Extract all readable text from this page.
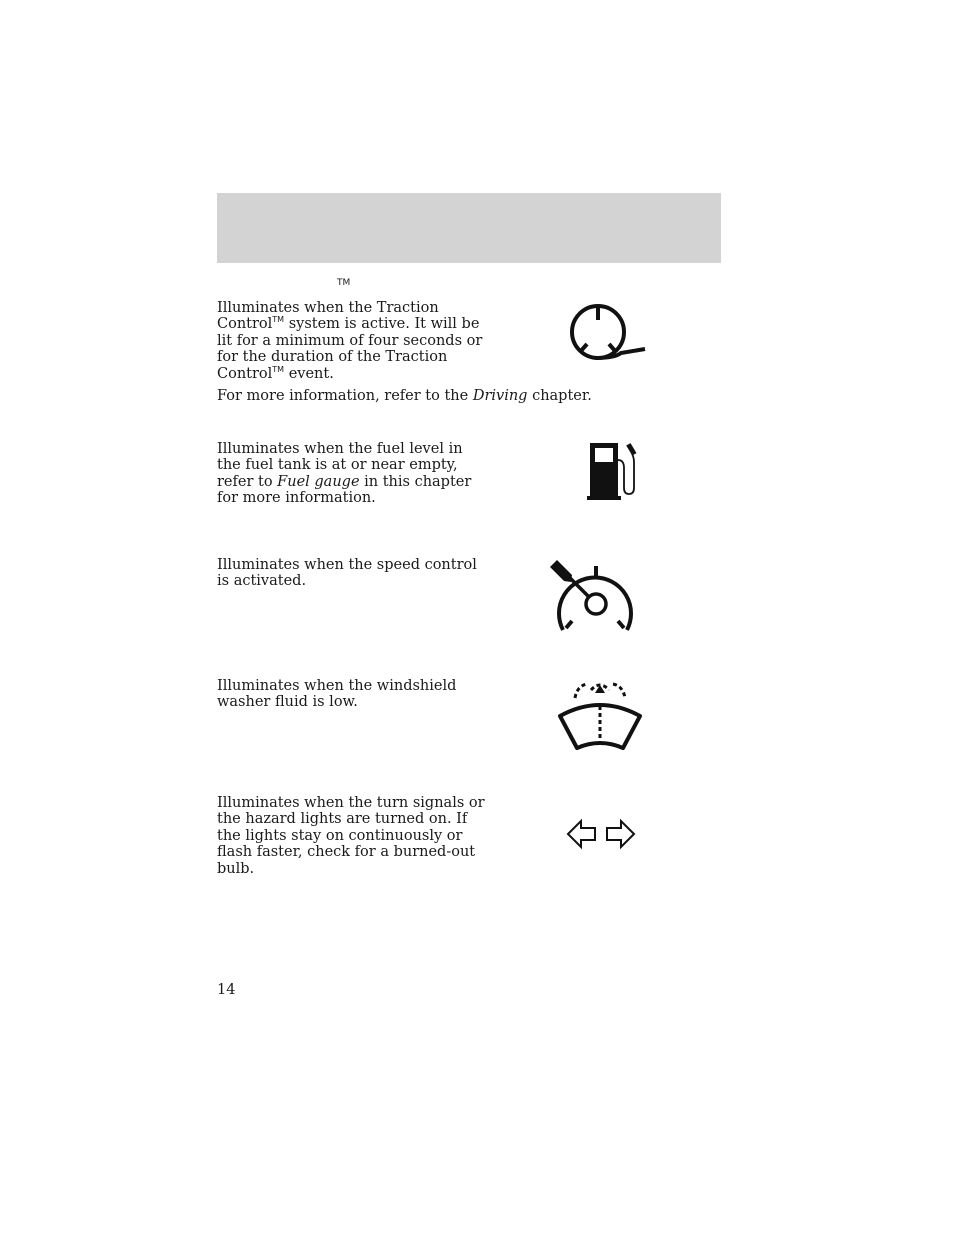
TM
Illuminates when the Traction
Control™ system is active. It will be
lit for a minimum of four seconds or
for the duration of the Traction
Control™ event.
For more information, refer to the Driving chapter.
Illuminates when the fuel level in
the fuel tank is at or near empty,
refer to Fuel gauge in this chapter
for more information.
Illuminates when the speed control
is activated.
Illuminates when the windshield
washer fluid is low.
Illuminates when the turn signals or
the hazard lights are turned on. If
the lights stay on continuously or
flash faster, check for a burned-out
bulb.
14
